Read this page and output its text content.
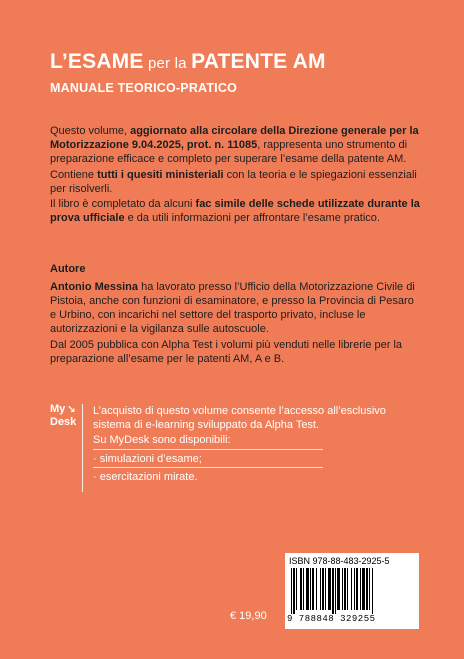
L’ESAME per la PATENTE AM
MANUALE TEORICO-PRATICO

Questo volume, aggiornato alla circolare della Direzione generale per la Motorizzazione 9.04.2025, prot. n. 11085, rappresenta uno strumento di preparazione efficace e completo per superare l’esame della patente AM.

Contiene tutti i quesiti ministeriali con la teoria e le spiegazioni essenziali per risolverli.

Il libro è completato da alcuni fac simile delle schede utilizzate durante la prova ufficiale e da utili informazioni per affrontare l’esame pratico.

Autore

Antonio Messina ha lavorato presso l’Ufficio della Motorizzazione Civile di Pistoia, anche con funzioni di esaminatore, e presso la Provincia di Pesaro e Urbino, con incarichi nel settore del trasporto privato, incluse le autorizzazioni e la vigilanza sulle autoscuole.

Dal 2005 pubblica con Alpha Test i volumi più venduti nelle librerie per la preparazione all’esame per le patenti AM, A e B.

My ↘
Desk

L’acquisto di questo volume consente l’accesso all’esclusivo sistema di e-learning sviluppato da Alpha Test.

Su MyDesk sono disponibili:

· simulazioni d’esame;

· esercitazioni mirate.

ISBN 978-88-483-2925-5
9 788848 329255
€ 19,90
